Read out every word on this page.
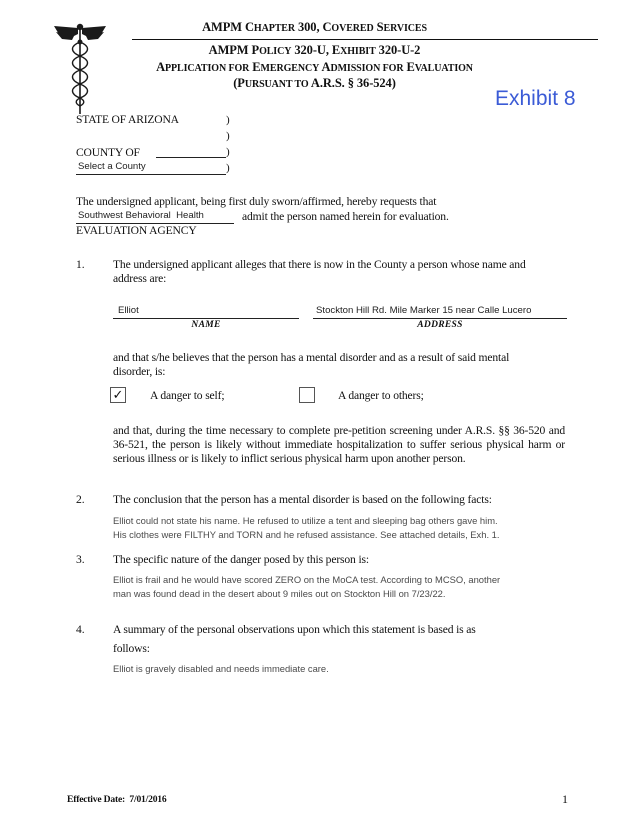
AMPM CHAPTER 300, COVERED SERVICES
AMPM POLICY 320-U, EXHIBIT 320-U-2
APPLICATION FOR EMERGENCY ADMISSION FOR EVALUATION
(PURSUANT TO A.R.S. § 36-524)
Exhibit 8
STATE OF ARIZONA	)
)
COUNTY OF	)
Select a County	)
The undersigned applicant, being first duly sworn/affirmed, hereby requests that
Southwest Behavioral  Health	admit the person named herein for evaluation.
EVALUATION AGENCY
1. The undersigned applicant alleges that there is now in the County a person whose name and address are:
Elliot
NAME
Stockton Hill Rd. Mile Marker 15 near Calle Lucero
ADDRESS
and that s/he believes that the person has a mental disorder and as a result of said mental disorder, is:
✓ A danger to self;	A danger to others;
and that, during the time necessary to complete pre-petition screening under A.R.S. §§ 36-520 and 36-521, the person is likely without immediate hospitalization to suffer serious physical harm or serious illness or is likely to inflict serious physical harm upon another person.
2. The conclusion that the person has a mental disorder is based on the following facts:
Elliot could not state his name. He refused to utilize a tent and sleeping bag others gave him.
His clothes were FILTHY and TORN and he refused assistance. See attached details, Exh. 1.
3. The specific nature of the danger posed by this person is:
Elliot is frail and he would have scored ZERO on the MoCA test. According to MCSO, another
man was found dead in the desert about 9 miles out on Stockton Hill on 7/23/22.
4. A summary of the personal observations upon which this statement is based is as
follows:
Elliot is gravely disabled and needs immediate care.
Effective Date:  7/01/2016	1
